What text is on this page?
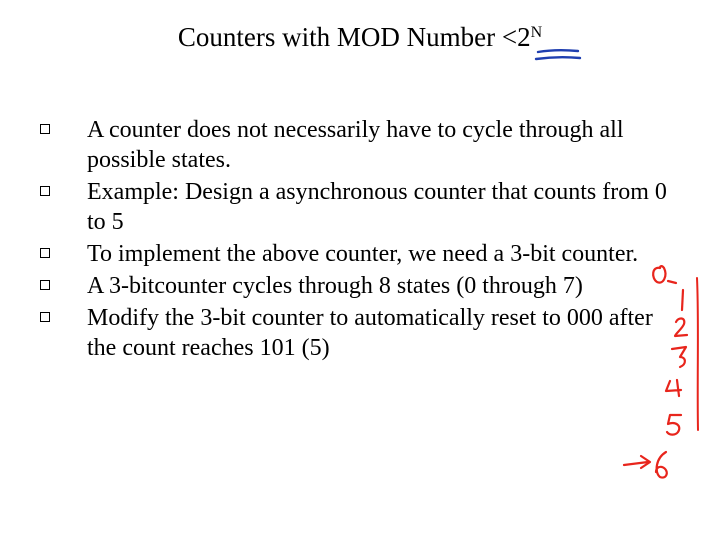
Counters with MOD Number $<2^N$
A counter does not necessarily have to cycle through all possible states.
Example: Design a asynchronous counter that counts from 0 to 5
To implement the above counter, we need a 3-bit counter.
A 3-bitcounter cycles through 8 states (0 through 7)
Modify the 3-bit counter to automatically reset to 000 after the count reaches 101 (5)
